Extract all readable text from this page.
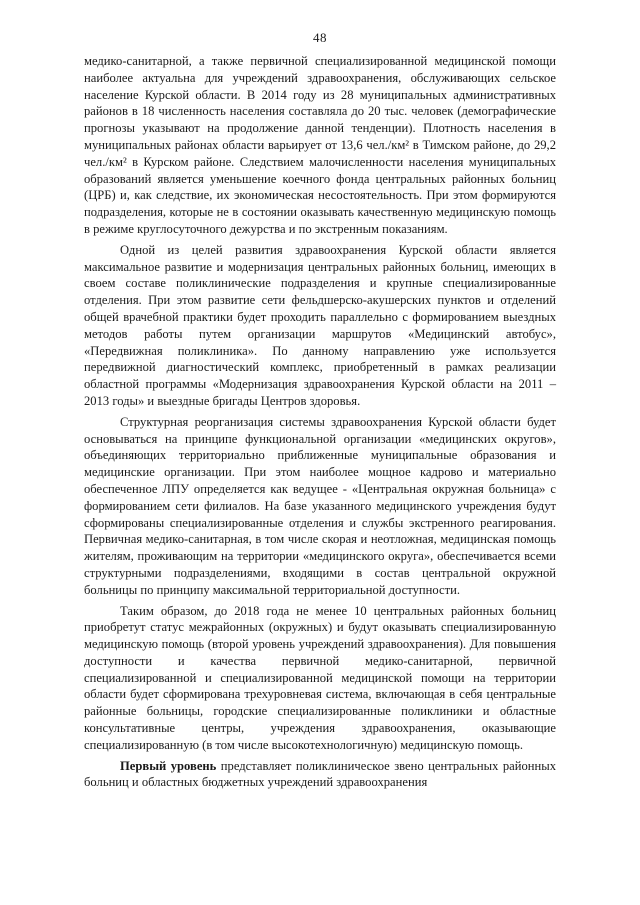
48

медико-санитарной, а также первичной специализированной медицинской помощи наиболее актуальна для учреждений здравоохранения, обслуживающих сельское население Курской области. В 2014 году из 28 муниципальных административных районов в 18 численность населения составляла до 20 тыс. человек (демографические прогнозы указывают на продолжение данной тенденции). Плотность населения в муниципальных районах области варьирует от 13,6 чел./км² в Тимском районе, до 29,2 чел./км² в Курском районе. Следствием малочисленности населения муниципальных образований является уменьшение коечного фонда центральных районных больниц (ЦРБ) и, как следствие, их экономическая несостоятельность. При этом формируются подразделения, которые не в состоянии оказывать качественную медицинскую помощь в режиме круглосуточного дежурства и по экстренным показаниям.

Одной из целей развития здравоохранения Курской области является максимальное развитие и модернизация центральных районных больниц, имеющих в своем составе поликлинические подразделения и крупные специализированные отделения. При этом развитие сети фельдшерско-акушерских пунктов и отделений общей врачебной практики будет проходить параллельно с формированием выездных методов работы путем организации маршрутов «Медицинский автобус», «Передвижная поликлиника». По данному направлению уже используется передвижной диагностический комплекс, приобретенный в рамках реализации областной программы «Модернизация здравоохранения Курской области на 2011 – 2013 годы» и выездные бригады Центров здоровья.

Структурная реорганизация системы здравоохранения Курской области будет основываться на принципе функциональной организации «медицинских округов», объединяющих территориально приближенные муниципальные образования и медицинские организации. При этом наиболее мощное кадрово и материально обеспеченное ЛПУ определяется как ведущее - «Центральная окружная больница» с формированием сети филиалов. На базе указанного медицинского учреждения будут сформированы специализированные отделения и службы экстренного реагирования. Первичная медико-санитарная, в том числе скорая и неотложная, медицинская помощь жителям, проживающим на территории «медицинского округа», обеспечивается всеми структурными подразделениями, входящими в состав центральной окружной больницы по принципу максимальной территориальной доступности.

Таким образом, до 2018 года не менее 10 центральных районных больниц приобретут статус межрайонных (окружных) и будут оказывать специализированную медицинскую помощь (второй уровень учреждений здравоохранения). Для повышения доступности и качества первичной медико-санитарной, первичной специализированной и специализированной медицинской помощи на территории области будет сформирована трехуровневая система, включающая в себя центральные районные больницы, городские специализированные поликлиники и областные консультативные центры, учреждения здравоохранения, оказывающие специализированную (в том числе высокотехнологичную) медицинскую помощь.

Первый уровень представляет поликлиническое звено центральных районных больниц и областных бюджетных учреждений здравоохранения
